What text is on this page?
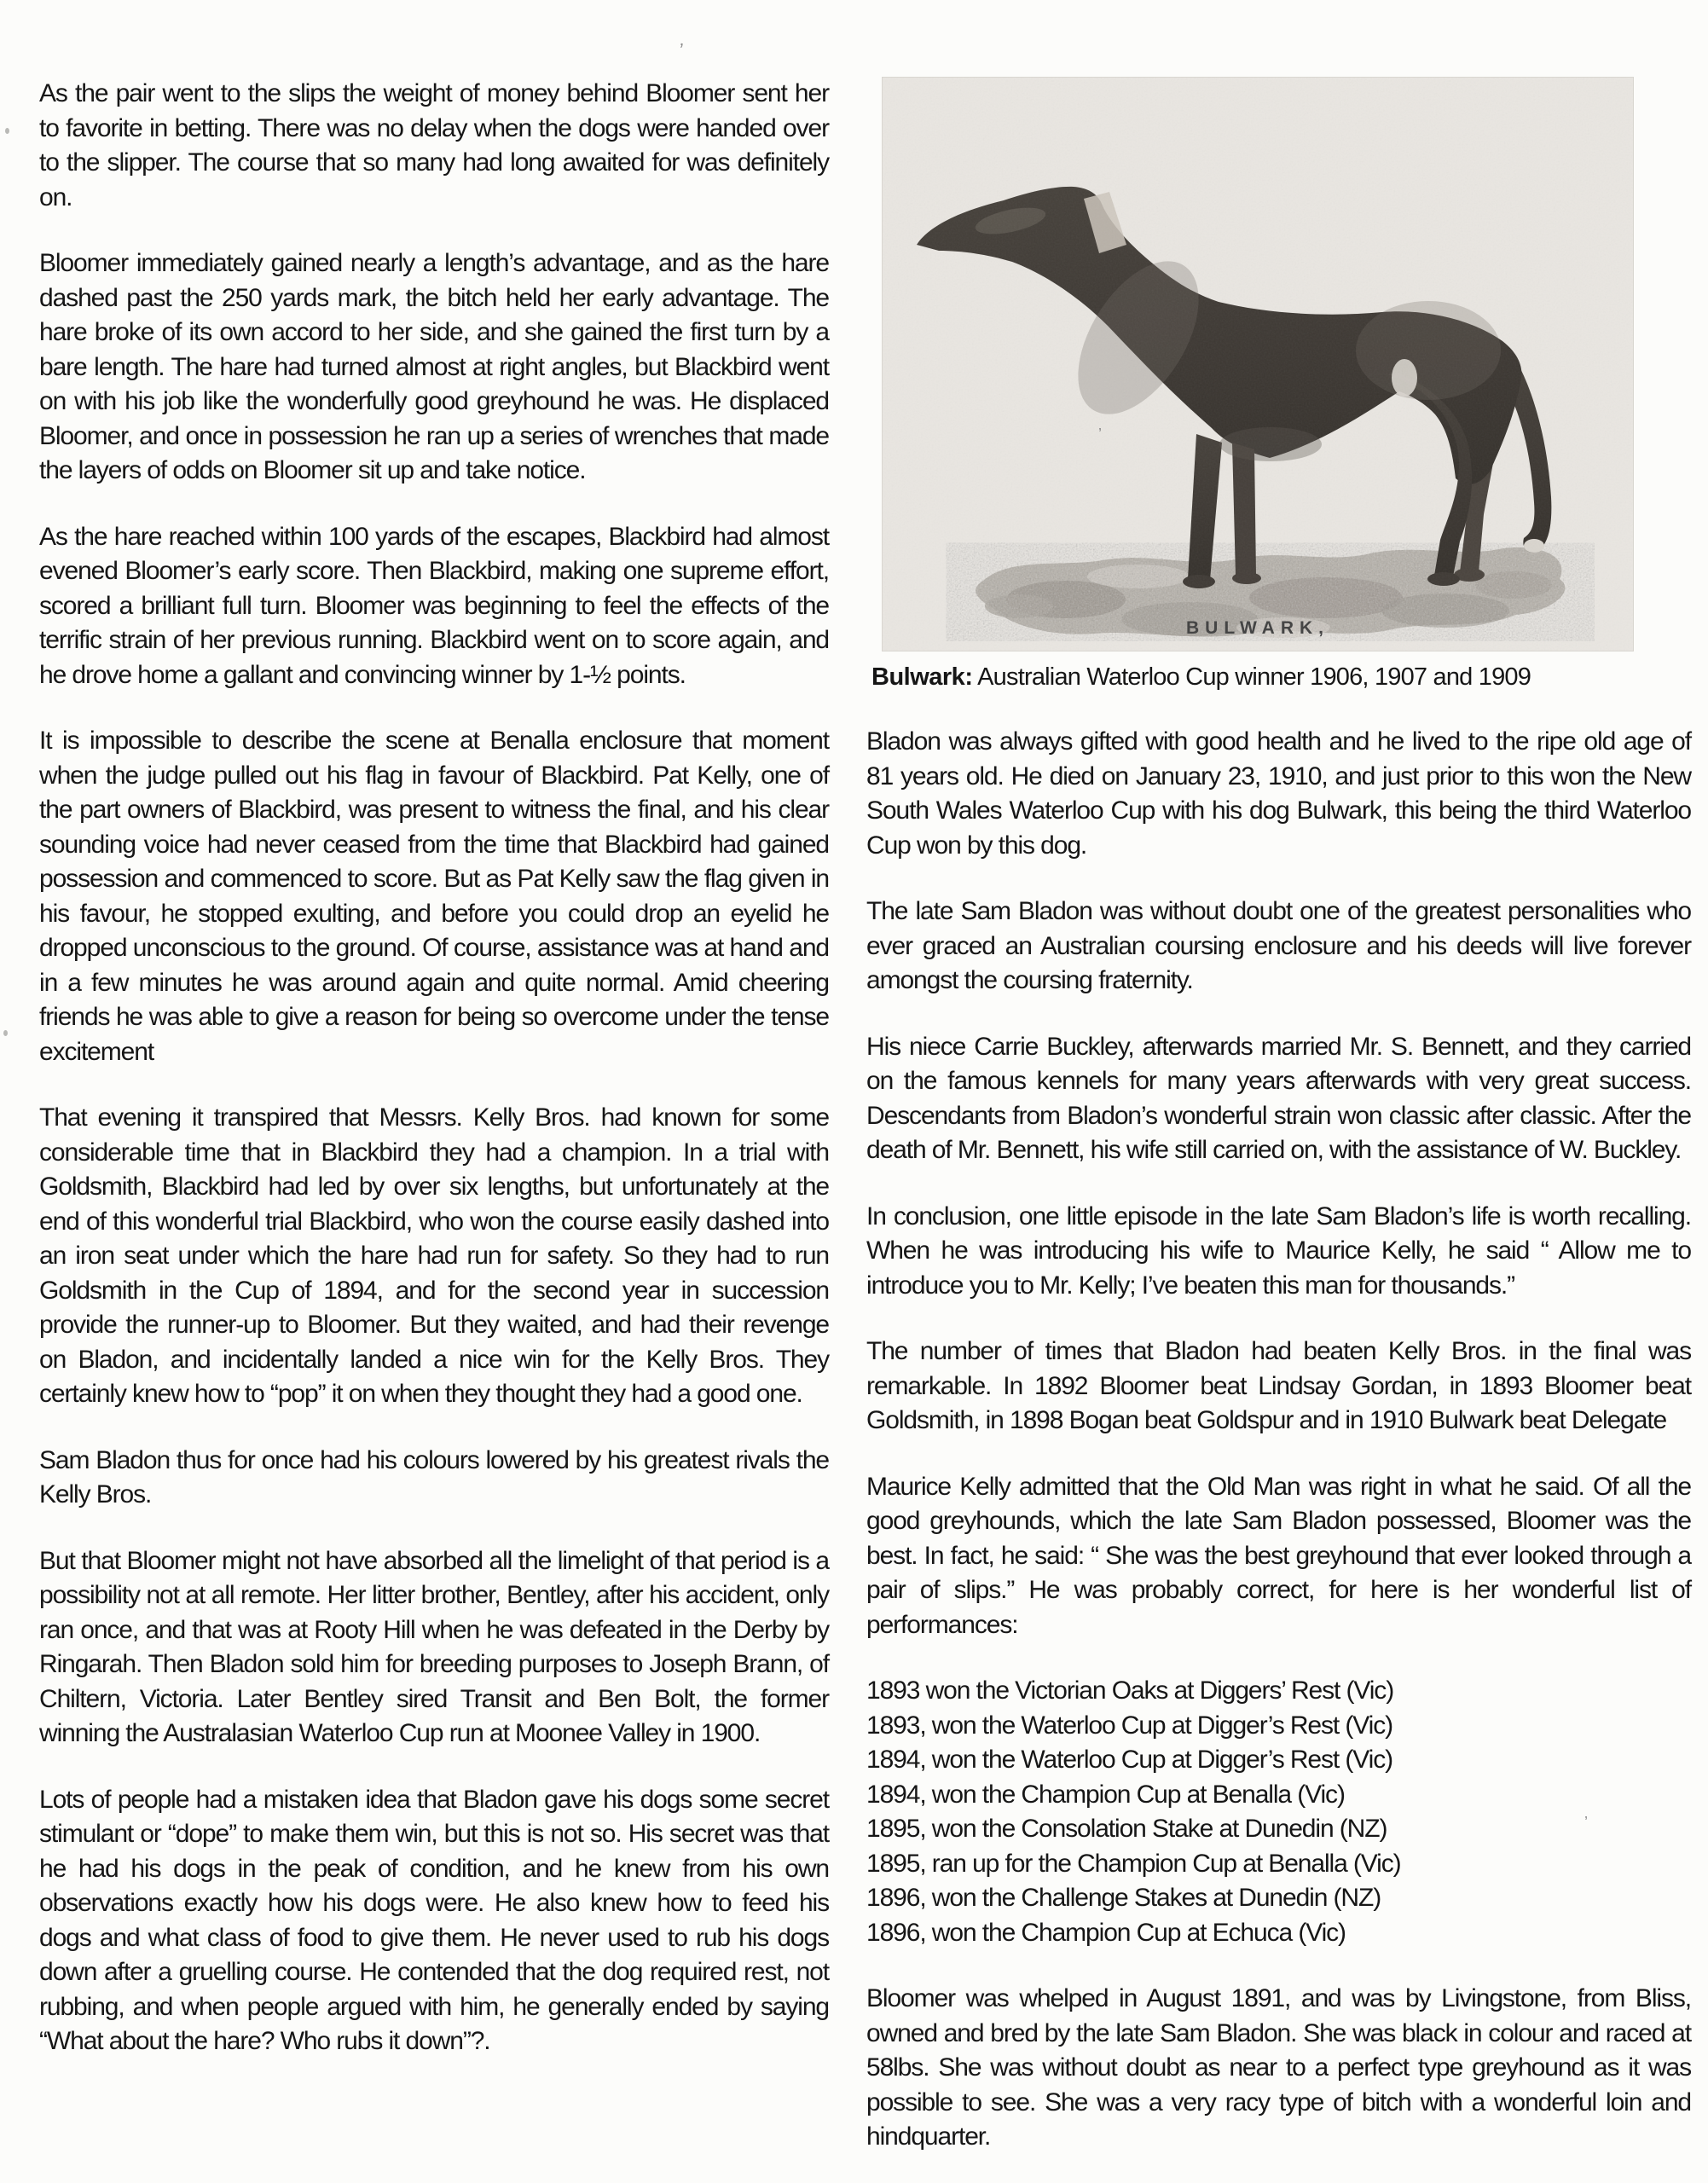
As the pair went to the slips the weight of money behind Bloomer sent her to favorite in betting. There was no delay when the dogs were handed over to the slipper. The course that so many had long awaited for was definitely on.

Bloomer immediately gained nearly a length’s advantage, and as the hare dashed past the 250 yards mark, the bitch held her early advantage. The hare broke of its own accord to her side, and she gained the first turn by a bare length. The hare had turned almost at right angles, but Blackbird went on with his job like the wonderfully good greyhound he was. He displaced Bloomer, and once in possession he ran up a series of wrenches that made the layers of odds on Bloomer sit up and take notice.

As the hare reached within 100 yards of the escapes, Blackbird had almost evened Bloomer’s early score. Then Blackbird, making one supreme effort, scored a brilliant full turn. Bloomer was beginning to feel the effects of the terrific strain of her previous running. Blackbird went on to score again, and he drove home a gallant and convincing winner by 1-½ points.

It is impossible to describe the scene at Benalla enclosure that moment when the judge pulled out his flag in favour of Blackbird. Pat Kelly, one of the part owners of Blackbird, was present to witness the final, and his clear sounding voice had never ceased from the time that Blackbird had gained possession and commenced to score. But as Pat Kelly saw the flag given in his favour, he stopped exulting, and before you could drop an eyelid he dropped unconscious to the ground. Of course, assistance was at hand and in a few minutes he was around again and quite normal. Amid cheering friends he was able to give a reason for being so overcome under the tense excitement

That evening it transpired that Messrs. Kelly Bros. had known for some considerable time that in Blackbird they had a champion. In a trial with Goldsmith, Blackbird had led by over six lengths, but unfortunately at the end of this wonderful trial Blackbird, who won the course easily dashed into an iron seat under which the hare had run for safety. So they had to run Goldsmith in the Cup of 1894, and for the second year in succession provide the runner-up to Bloomer. But they waited, and had their revenge on Bladon, and incidentally landed a nice win for the Kelly Bros. They certainly knew how to “pop” it on when they thought they had a good one.

Sam Bladon thus for once had his colours lowered by his greatest rivals the Kelly Bros.

But that Bloomer might not have absorbed all the limelight of that period is a possibility not at all remote. Her litter brother, Bentley, after his accident, only ran once, and that was at Rooty Hill when he was defeated in the Derby by Ringarah. Then Bladon sold him for breeding purposes to Joseph Brann, of Chiltern, Victoria. Later Bentley sired Transit and Ben Bolt, the former winning the Australasian Waterloo Cup run at Moonee Valley in 1900.

Lots of people had a mistaken idea that Bladon gave his dogs some secret stimulant or “dope” to make them win, but this is not so. His secret was that he had his dogs in the peak of condition, and he knew from his own observations exactly how his dogs were. He also knew how to feed his dogs and what class of food to give them. He never used to rub his dogs down after a gruelling course. He contended that the dog required rest, not rubbing, and when people argued with him, he generally ended by saying “What about the hare? Who rubs it down”?.

BULWARK,

Bulwark: Australian Waterloo Cup winner 1906, 1907 and 1909

Bladon was always gifted with good health and he lived to the ripe old age of 81 years old. He died on January 23, 1910, and just prior to this won the New South Wales Waterloo Cup with his dog Bulwark, this being the third Waterloo Cup won by this dog.

The late Sam Bladon was without doubt one of the greatest personalities who ever graced an Australian coursing enclosure and his deeds will live forever amongst the coursing fraternity.

His niece Carrie Buckley, afterwards married Mr. S. Bennett, and they carried on the famous kennels for many years afterwards with very great success. Descendants from Bladon’s wonderful strain won classic after classic. After the death of Mr. Bennett, his wife still carried on, with the assistance of W. Buckley.

In conclusion, one little episode in the late Sam Bladon’s life is worth recalling. When he was introducing his wife to Maurice Kelly, he said “ Allow me to introduce you to Mr. Kelly; I’ve beaten this man for thousands.”

The number of times that Bladon had beaten Kelly Bros. in the final was remarkable. In 1892 Bloomer beat Lindsay Gordan, in 1893 Bloomer beat Goldsmith, in 1898 Bogan beat Goldspur and in 1910 Bulwark beat Delegate

Maurice Kelly admitted that the Old Man was right in what he said. Of all the good greyhounds, which the late Sam Bladon possessed, Bloomer was the best. In fact, he said: “ She was the best greyhound that ever looked through a pair of slips.” He was probably correct, for here is her wonderful list of performances:

1893 won the Victorian Oaks at Diggers’ Rest (Vic)
1893, won the Waterloo Cup at Digger’s Rest (Vic)
1894, won the Waterloo Cup at Digger’s Rest (Vic)
1894, won the Champion Cup at Benalla (Vic)
1895, won the Consolation Stake at Dunedin (NZ)
1895, ran up for the Champion Cup at Benalla (Vic)
1896, won the Challenge Stakes at Dunedin (NZ)
1896, won the Champion Cup at Echuca (Vic)

Bloomer was whelped in August 1891, and was by Livingstone, from Bliss, owned and bred by the late Sam Bladon. She was black in colour and raced at 58lbs. She was without doubt as near to a perfect type greyhound as it was possible to see. She was a very racy type of bitch with a wonderful loin and hindquarter.

’
’
’
